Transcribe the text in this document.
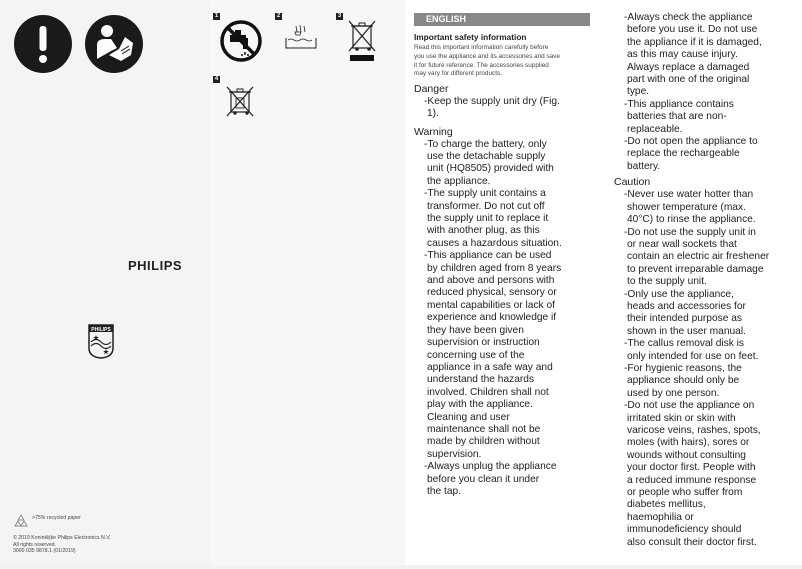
1	2	3
4
PHILIPS
PHILIPS
>75% recycled paper
© 2019 Koninklijke Philips Electronics N.V.
All rights reserved.
3000 035 9878.1 (01/2019)
ENGLISH
Important safety information
Read this important information carefully before
you use the appliance and its accessories and save
it for future reference. The accessories supplied
may vary for different products.
Danger
-Keep the supply unit dry (Fig.
1).
Warning
-To charge the battery, only
use the detachable supply
unit (HQ8505) provided with
the appliance.
-The supply unit contains a
transformer. Do not cut off
the supply unit to replace it
with another plug, as this
causes a hazardous situation.
-This appliance can be used
by children aged from 8 years
and above and persons with
reduced physical, sensory or
mental capabilities or lack of
experience and knowledge if
they have been given
supervision or instruction
concerning use of the
appliance in a safe way and
understand the hazards
involved. Children shall not
play with the appliance.
Cleaning and user
maintenance shall not be
made by children without
supervision.
-Always unplug the appliance
before you clean it under
the tap.
-Always check the appliance
before you use it. Do not use
the appliance if it is damaged,
as this may cause injury.
Always replace a damaged
part with one of the original
type.
-This appliance contains
batteries that are non-
replaceable.
-Do not open the appliance to
replace the rechargeable
battery.
Caution
-Never use water hotter than
shower temperature (max.
40°C) to rinse the appliance.
-Do not use the supply unit in
or near wall sockets that
contain an electric air freshener
to prevent irreparable damage
to the supply unit.
-Only use the appliance,
heads and accessories for
their intended purpose as
shown in the user manual.
-The callus removal disk is
only intended for use on feet.
-For hygienic reasons, the
appliance should only be
used by one person.
-Do not use the appliance on
irritated skin or skin with
varicose veins, rashes, spots,
moles (with hairs), sores or
wounds without consulting
your doctor first. People with
a reduced immune response
or people who suffer from
diabetes mellitus,
haemophilia or
immunodeficiency should
also consult their doctor first.
